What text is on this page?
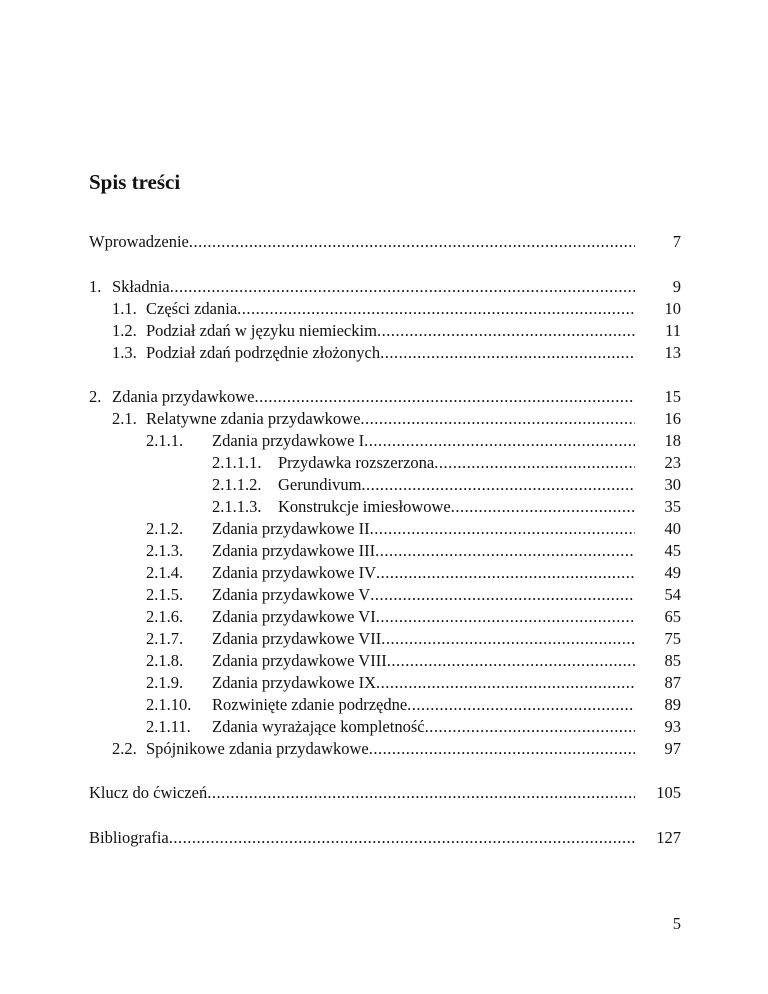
Spis treści
Wprowadzenie .....	7
1. Składnia .....	9
1.1. Części zdania .....	10
1.2. Podział zdań w języku niemieckim .....	11
1.3. Podział zdań podrzędnie złożonych .....	13
2. Zdania przydawkowe .....	15
2.1. Relatywne zdania przydawkowe .....	16
2.1.1. Zdania przydawkowe I .....	18
2.1.1.1. Przydawka rozszerzona .....	23
2.1.1.2. Gerundivum .....	30
2.1.1.3. Konstrukcje imiesłowowe .....	35
2.1.2. Zdania przydawkowe II .....	40
2.1.3. Zdania przydawkowe III .....	45
2.1.4. Zdania przydawkowe IV .....	49
2.1.5. Zdania przydawkowe V .....	54
2.1.6. Zdania przydawkowe VI .....	65
2.1.7. Zdania przydawkowe VII .....	75
2.1.8. Zdania przydawkowe VIII .....	85
2.1.9. Zdania przydawkowe IX .....	87
2.1.10. Rozwinięte zdanie podrzędne .....	89
2.1.11. Zdania wyrażające kompletność .....	93
2.2. Spójnikowe zdania przydawkowe .....	97
Klucz do ćwiczeń .....	105
Bibliografia .....	127
5
